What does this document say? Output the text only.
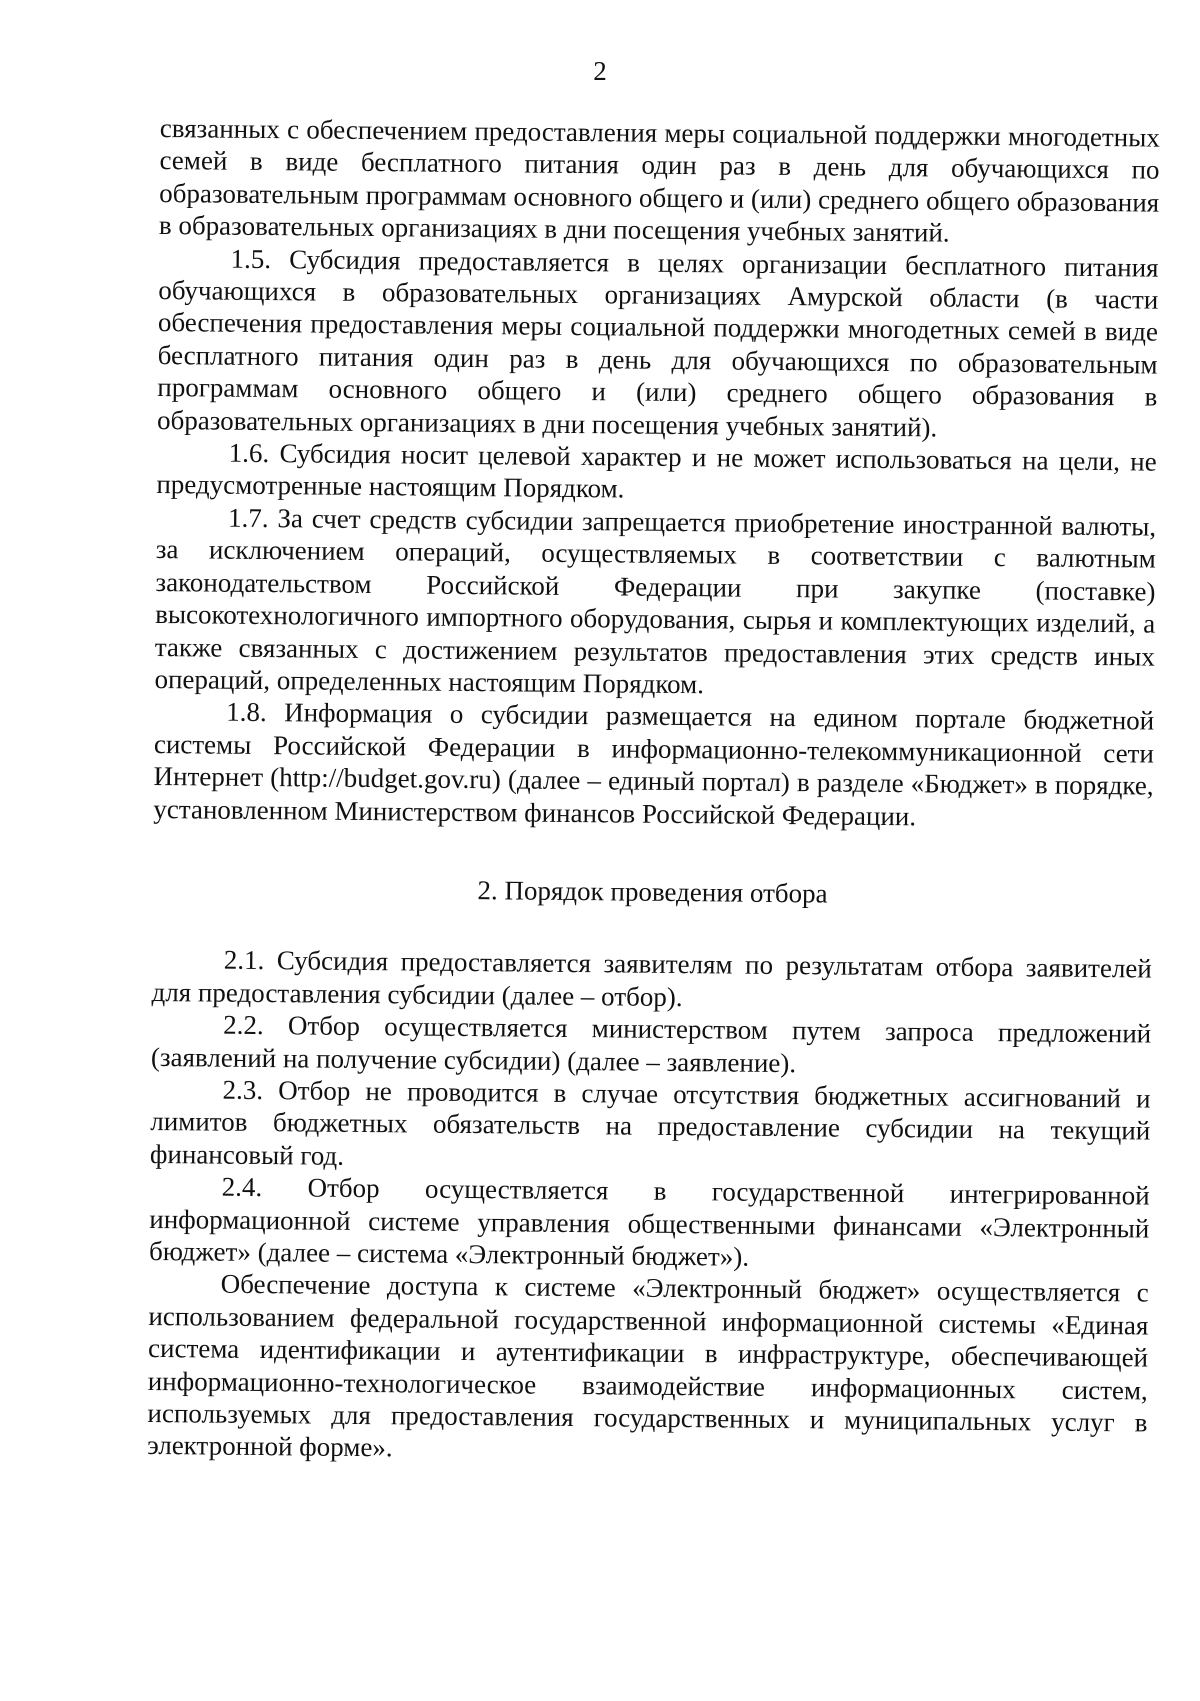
2

связанных с обеспечением предоставления меры социальной поддержки многодетных семей в виде бесплатного питания один раз в день для обучающихся по образовательным программам основного общего и (или) среднего общего образования в образовательных организациях в дни посещения учебных занятий.

1.5. Субсидия предоставляется в целях организации бесплатного питания обучающихся в образовательных организациях Амурской области (в части обеспечения предоставления меры социальной поддержки многодетных семей в виде бесплатного питания один раз в день для обучающихся по образовательным программам основного общего и (или) среднего общего образования в образовательных организациях в дни посещения учебных занятий).

1.6. Субсидия носит целевой характер и не может использоваться на цели, не предусмотренные настоящим Порядком.

1.7. За счет средств субсидии запрещается приобретение иностранной валюты, за исключением операций, осуществляемых в соответствии с валютным законодательством Российской Федерации при закупке (поставке) высокотехнологичного импортного оборудования, сырья и комплектующих изделий, а также связанных с достижением результатов предоставления этих средств иных операций, определенных настоящим Порядком.

1.8. Информация о субсидии размещается на едином портале бюджетной системы Российской Федерации в информационно-телекоммуникационной сети Интернет (http://budget.gov.ru) (далее – единый портал) в разделе «Бюджет» в порядке, установленном Министерством финансов Российской Федерации.

2. Порядок проведения отбора

2.1. Субсидия предоставляется заявителям по результатам отбора заявителей для предоставления субсидии (далее – отбор).

2.2. Отбор осуществляется министерством путем запроса предложений (заявлений на получение субсидии) (далее – заявление).

2.3. Отбор не проводится в случае отсутствия бюджетных ассигнований и лимитов бюджетных обязательств на предоставление субсидии на текущий финансовый год.

2.4. Отбор осуществляется в государственной интегрированной информационной системе управления общественными финансами «Электронный бюджет» (далее – система «Электронный бюджет»).

Обеспечение доступа к системе «Электронный бюджет» осуществляется с использованием федеральной государственной информационной системы «Единая система идентификации и аутентификации в инфраструктуре, обеспечивающей информационно-технологическое взаимодействие информационных систем, используемых для предоставления государственных и муниципальных услуг в электронной форме».
